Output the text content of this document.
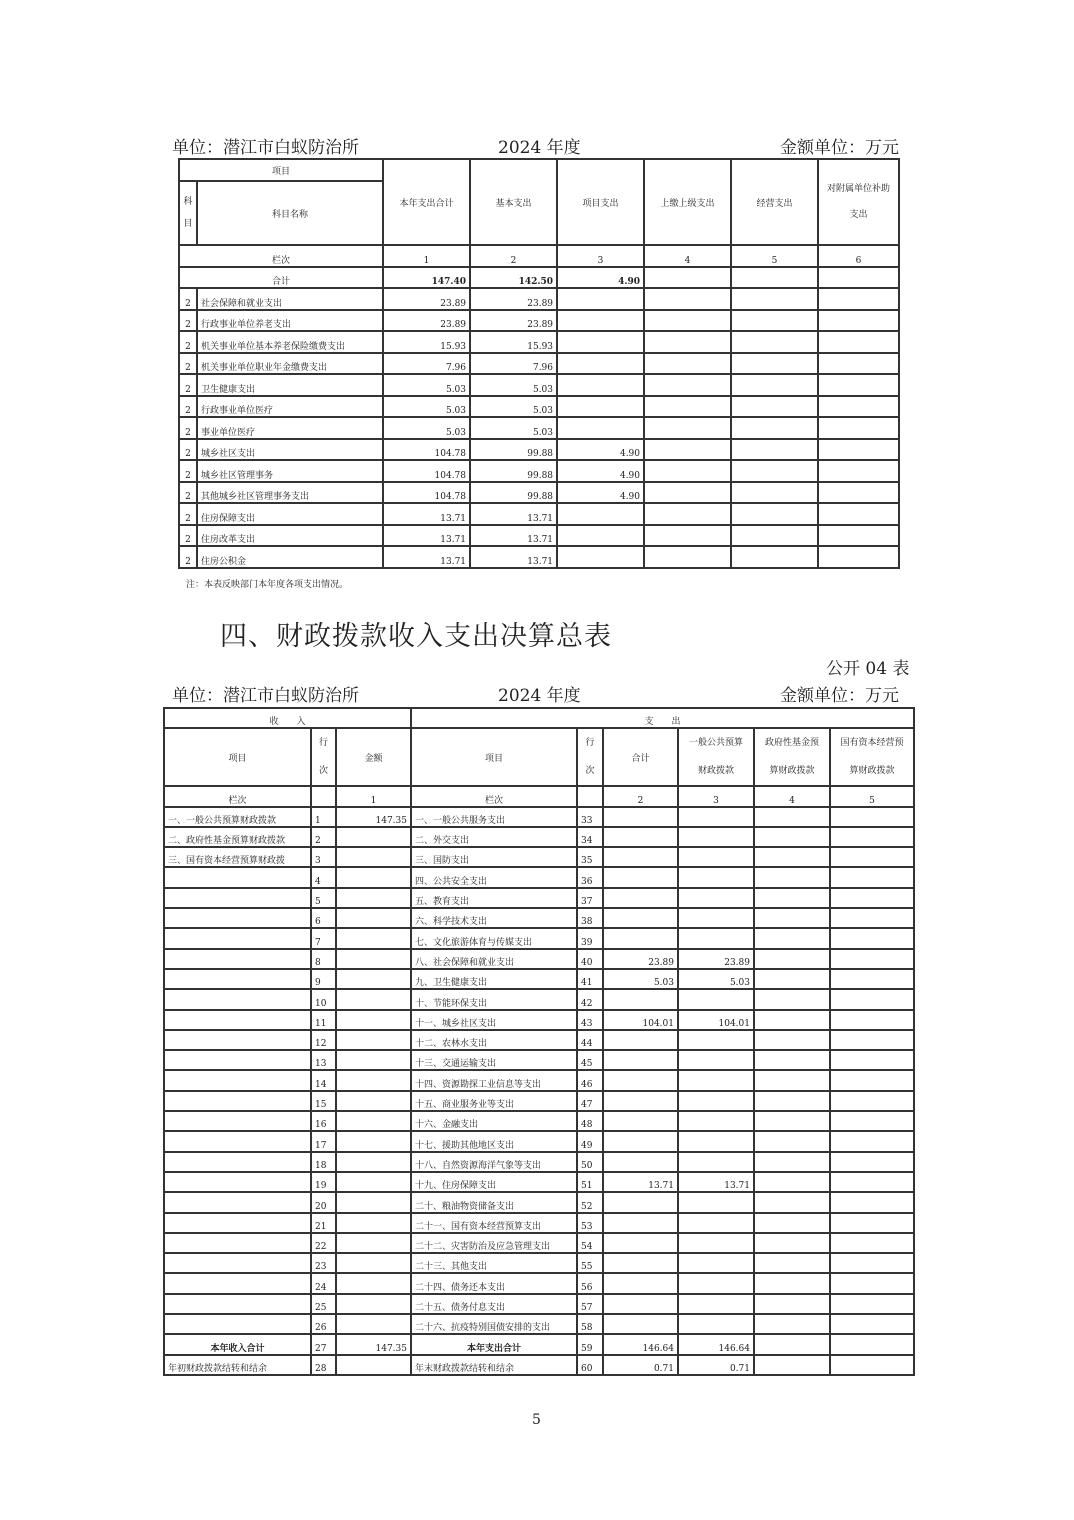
单位：潜江市白蚁防治所	2024 年度	金额单位：万元
项目		本年支出合计	基本支出	项目支出	上缴上级支出	经营支出	对附属单位补助支出
科目	科目名称						
栏次		1	2	3	4	5	6
合计		147.40	142.50	4.90			
2	社会保障和就业支出	23.89	23.89				
2	行政事业单位养老支出	23.89	23.89				
2	机关事业单位基本养老保险缴费支出	15.93	15.93				
2	机关事业单位职业年金缴费支出	7.96	7.96				
2	卫生健康支出	5.03	5.03				
2	行政事业单位医疗	5.03	5.03				
2	事业单位医疗	5.03	5.03				
2	城乡社区支出	104.78	99.88	4.90			
2	城乡社区管理事务	104.78	99.88	4.90			
2	其他城乡社区管理事务支出	104.78	99.88	4.90			
2	住房保障支出	13.71	13.71				
2	住房改革支出	13.71	13.71				
2	住房公积金	13.71	13.71				
注：本表反映部门本年度各项支出情况。
四、财政拨款收入支出决算总表
公开 04 表
单位：潜江市白蚁防治所	2024 年度	金额单位：万元
收　　入			支　　出					
项目	行次	金额	项目	行次	合计	一般公共预算财政拨款	政府性基金预算财政拨款	国有资本经营预算财政拨款
栏次		1	栏次		2	3	4	5
一、一般公共预算财政拨款	1	147.35	一、一般公共服务支出	33				
二、政府性基金预算财政拨款	2		二、外交支出	34				
三、国有资本经营预算财政拨	3		三、国防支出	35				
	4		四、公共安全支出	36				
	5		五、教育支出	37				
	6		六、科学技术支出	38				
	7		七、文化旅游体育与传媒支出	39				
	8		八、社会保障和就业支出	40	23.89	23.89		
	9		九、卫生健康支出	41	5.03	5.03		
	10		十、节能环保支出	42				
	11		十一、城乡社区支出	43	104.01	104.01		
	12		十二、农林水支出	44				
	13		十三、交通运输支出	45				
	14		十四、资源勘探工业信息等支出	46				
	15		十五、商业服务业等支出	47				
	16		十六、金融支出	48				
	17		十七、援助其他地区支出	49				
	18		十八、自然资源海洋气象等支出	50				
	19		十九、住房保障支出	51	13.71	13.71		
	20		二十、粮油物资储备支出	52				
	21		二十一、国有资本经营预算支出	53				
	22		二十二、灾害防治及应急管理支出	54				
	23		二十三、其他支出	55				
	24		二十四、债务还本支出	56				
	25		二十五、债务付息支出	57				
	26		二十六、抗疫特别国债安排的支出	58				
本年收入合计	27	147.35	本年支出合计	59	146.64	146.64		
年初财政拨款结转和结余	28		年末财政拨款结转和结余	60	0.71	0.71		
5
